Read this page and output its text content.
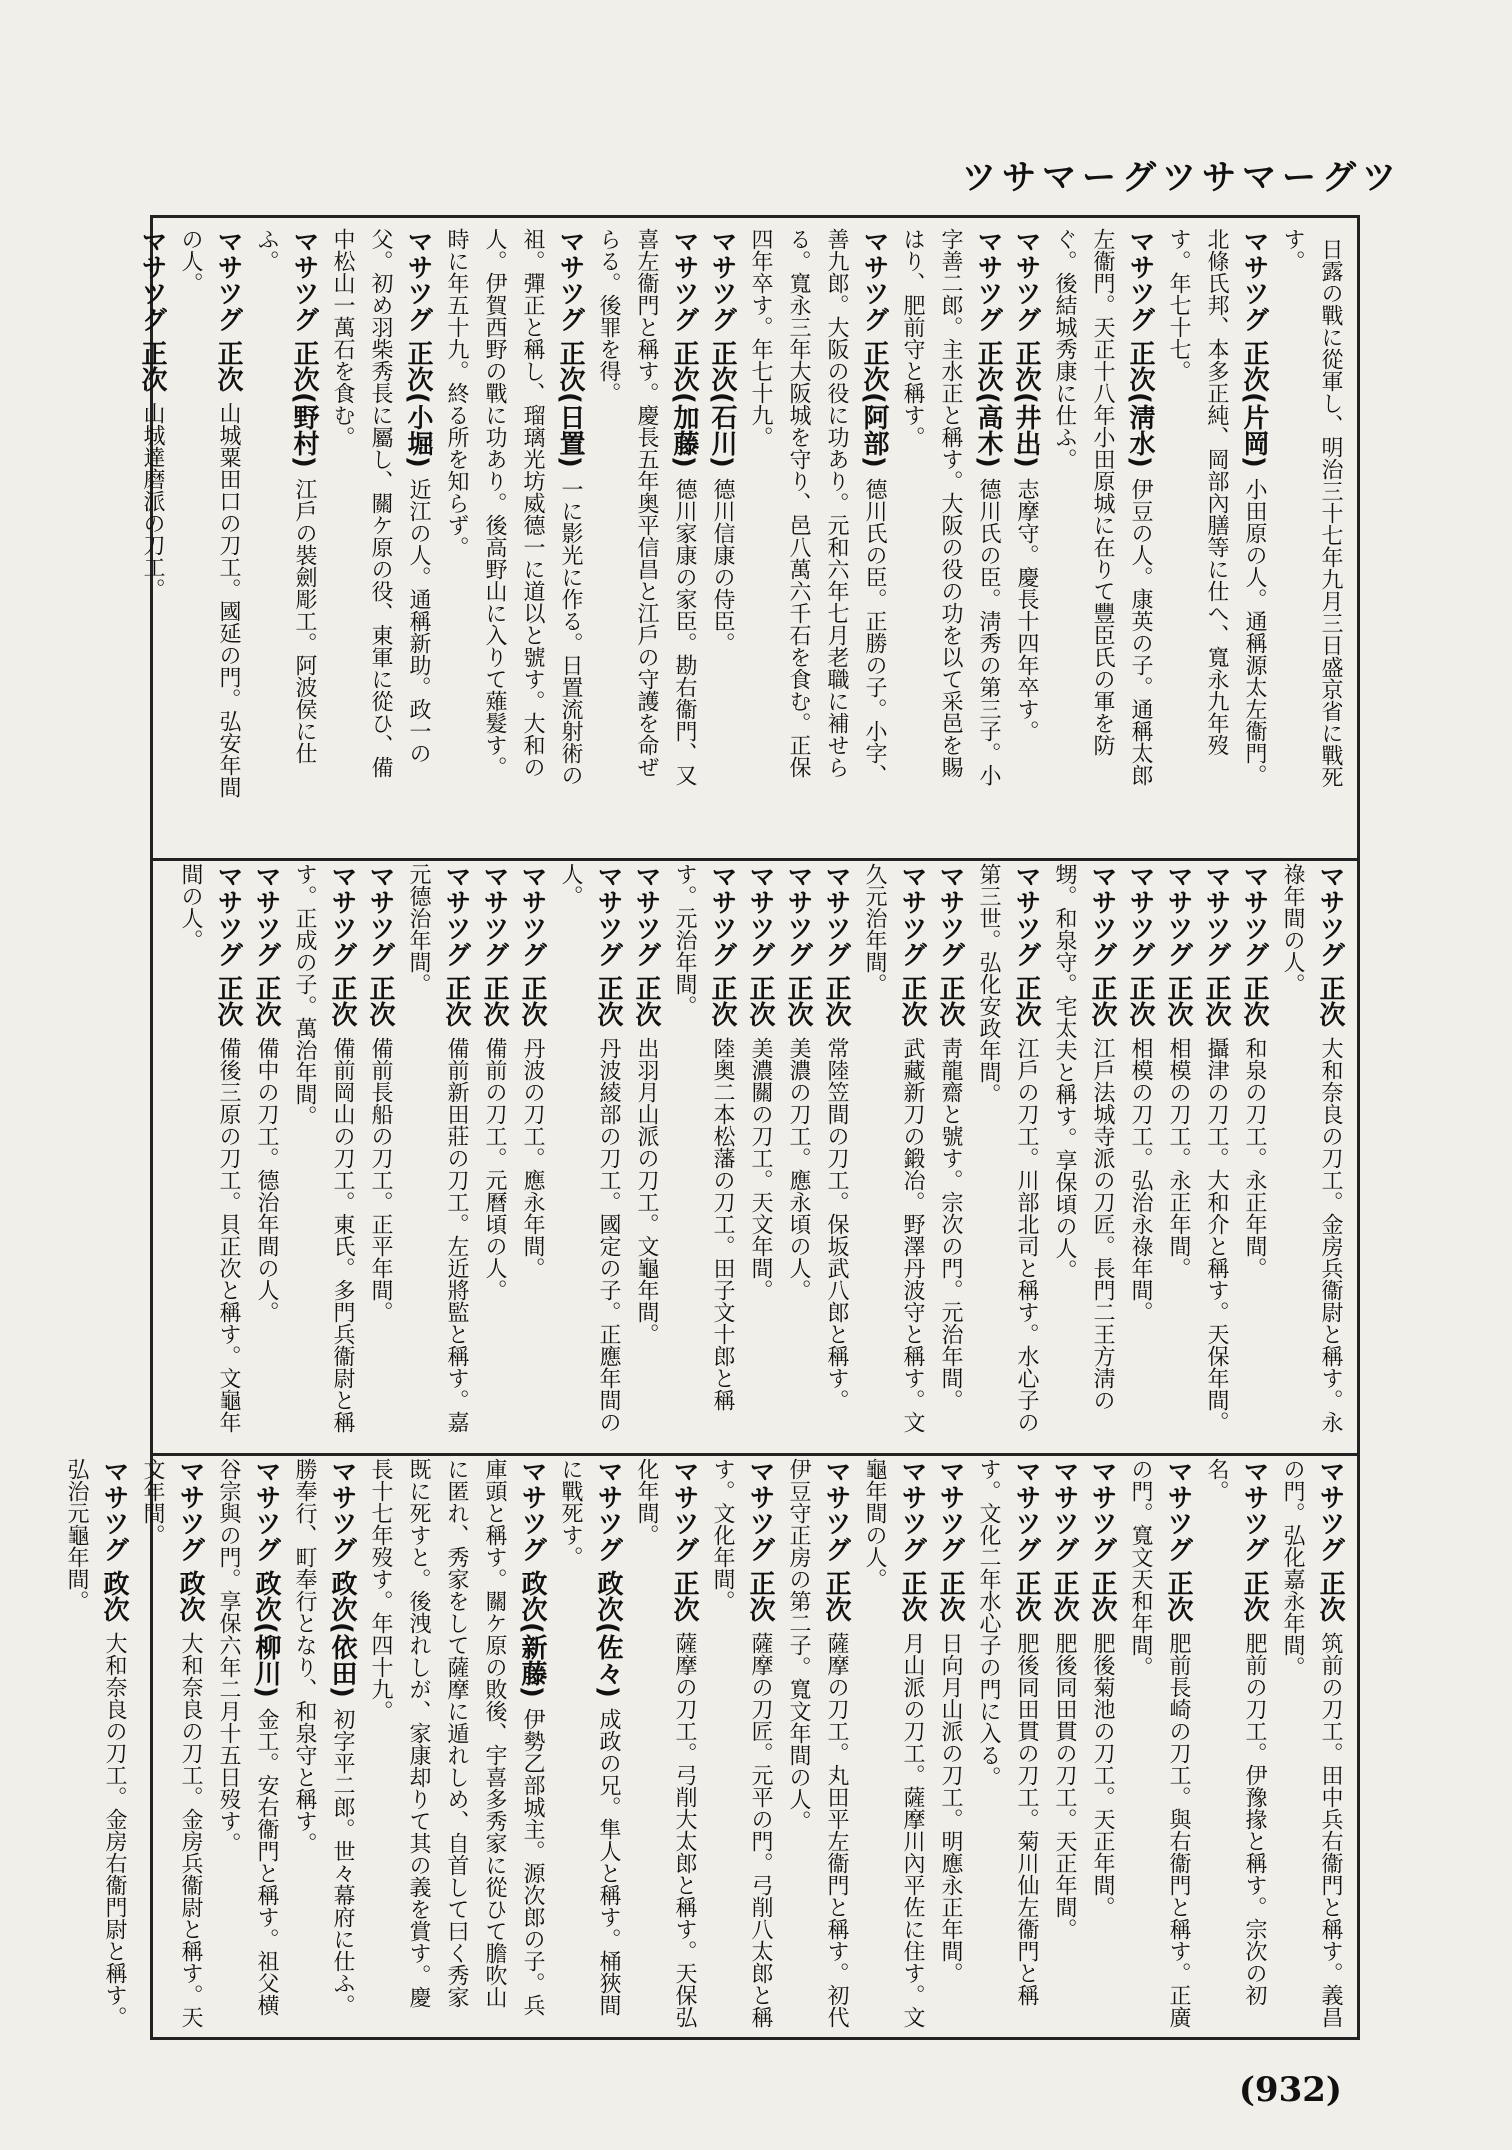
ツサマーグツサマーグツ
日露の戰に從軍し、明治三十七年九月三日盛京省に戰死す。
マサツグ正次(片岡)小田原の人。通稱源太左衞門。北條氏邦、本多正純、岡部內膳等に仕へ、寬永九年歿す。年七十七。
マサツグ正次(淸水)伊豆の人。康英の子。通稱太郎左衞門。天正十八年小田原城に在りて豐臣氏の軍を防ぐ。後結城秀康に仕ふ。
マサツグ正次(井出)志摩守。慶長十四年卒す。
マサツグ正次(高木)德川氏の臣。淸秀の第三子。小字善二郎。主水正と稱す。大阪の役の功を以て采邑を賜はり、肥前守と稱す。
マサツグ正次(阿部)德川氏の臣。正勝の子。小字、善九郎。大阪の役に功あり。元和六年七月老職に補せらる。寬永三年大阪城を守り、邑八萬六千石を食む。正保四年卒す。年七十九。
マサツグ正次(石川)德川信康の侍臣。
マサツグ正次(加藤)德川家康の家臣。勘右衞門、又喜左衞門と稱す。慶長五年奥平信昌と江戶の守護を命ぜらる。後罪を得。
マサツグ正次(日置)一に影光に作る。日置流射術の祖。彈正と稱し、瑠璃光坊威德一に道以と號す。大和の人。伊賀西野の戰に功あり。後高野山に入りて薙髮す。時に年五十九。終る所を知らず。
マサツグ正次(小堀)近江の人。通稱新助。政一の父。初め羽柴秀長に屬し、關ケ原の役、東軍に從ひ、備中松山一萬石を食む。
マサツグ正次(野村)江戶の裝劍彫工。阿波侯に仕ふ。
マサツグ正次山城粟田口の刀工。國延の門。弘安年間の人。
マサツグ正次山城達磨派の刀工。
マサツグ正次大和奈良の刀工。金房兵衞尉と稱す。永祿年間の人。
マサツグ正次和泉の刀工。永正年間。
マサツグ正次攝津の刀工。大和介と稱す。天保年間。
マサツグ正次相模の刀工。永正年間。
マサツグ正次相模の刀工。弘治永祿年間。
マサツグ正次江戶法城寺派の刀匠。長門二王方淸の甥。和泉守。宅太夫と稱す。享保頃の人。
マサツグ正次江戶の刀工。川部北司と稱す。水心子の第三世。弘化安政年間。
マサツグ正次靑龍齋と號す。宗次の門。元治年間。
マサツグ正次武藏新刀の鍛冶。野澤丹波守と稱す。文久元治年間。
マサツグ正次常陸笠間の刀工。保坂武八郎と稱す。
マサツグ正次美濃の刀工。應永頃の人。
マサツグ正次美濃關の刀工。天文年間。
マサツグ正次陸奥二本松藩の刀工。田子文十郎と稱す。元治年間。
マサツグ正次出羽月山派の刀工。文龜年間。
マサツグ正次丹波綾部の刀工。國定の子。正應年間の人。
マサツグ正次丹波の刀工。應永年間。
マサツグ正次備前の刀工。元曆頃の人。
マサツグ正次備前新田莊の刀工。左近將監と稱す。嘉元德治年間。
マサツグ正次備前長船の刀工。正平年間。
マサツグ正次備前岡山の刀工。東氏。多門兵衞尉と稱す。正成の子。萬治年間。
マサツグ正次備中の刀工。德治年間の人。
マサツグ正次備後三原の刀工。貝正次と稱す。文龜年間の人。
マサツグ正次筑前の刀工。田中兵右衞門と稱す。義昌の門。弘化嘉永年間。
マサツグ正次肥前の刀工。伊豫掾と稱す。宗次の初名。
マサツグ正次肥前長崎の刀工。與右衞門と稱す。正廣の門。寬文天和年間。
マサツグ正次肥後菊池の刀工。天正年間。
マサツグ正次肥後同田貫の刀工。天正年間。
マサツグ正次肥後同田貫の刀工。菊川仙左衞門と稱す。文化二年水心子の門に入る。
マサツグ正次日向月山派の刀工。明應永正年間。
マサツグ正次月山派の刀工。薩摩川內平佐に住す。文龜年間の人。
マサツグ正次薩摩の刀工。丸田平左衞門と稱す。初代伊豆守正房の第二子。寬文年間の人。
マサツグ正次薩摩の刀匠。元平の門。弓削八太郎と稱す。文化年間。
マサツグ正次薩摩の刀工。弓削大太郎と稱す。天保弘化年間。
マサツグ政次(佐々)成政の兄。隼人と稱す。桶狹間に戰死す。
マサツグ政次(新藤)伊勢乙部城主。源次郎の子。兵庫頭と稱す。關ケ原の敗後、宇喜多秀家に從ひて膽吹山に匿れ、秀家をして薩摩に遁れしめ、自首して曰く秀家既に死すと。後洩れしが、家康却りて其の義を賞す。慶長十七年歿す。年四十九。
マサツグ政次(依田)初字平二郎。世々幕府に仕ふ。勝奉行、町奉行となり、和泉守と稱す。
マサツグ政次(柳川)金工。安右衞門と稱す。祖父横谷宗與の門。享保六年二月十五日歿す。
マサツグ政次大和奈良の刀工。金房兵衞尉と稱す。天文年間。
マサツグ政次大和奈良の刀工。金房右衞門尉と稱す。弘治元龜年間。
(932)
